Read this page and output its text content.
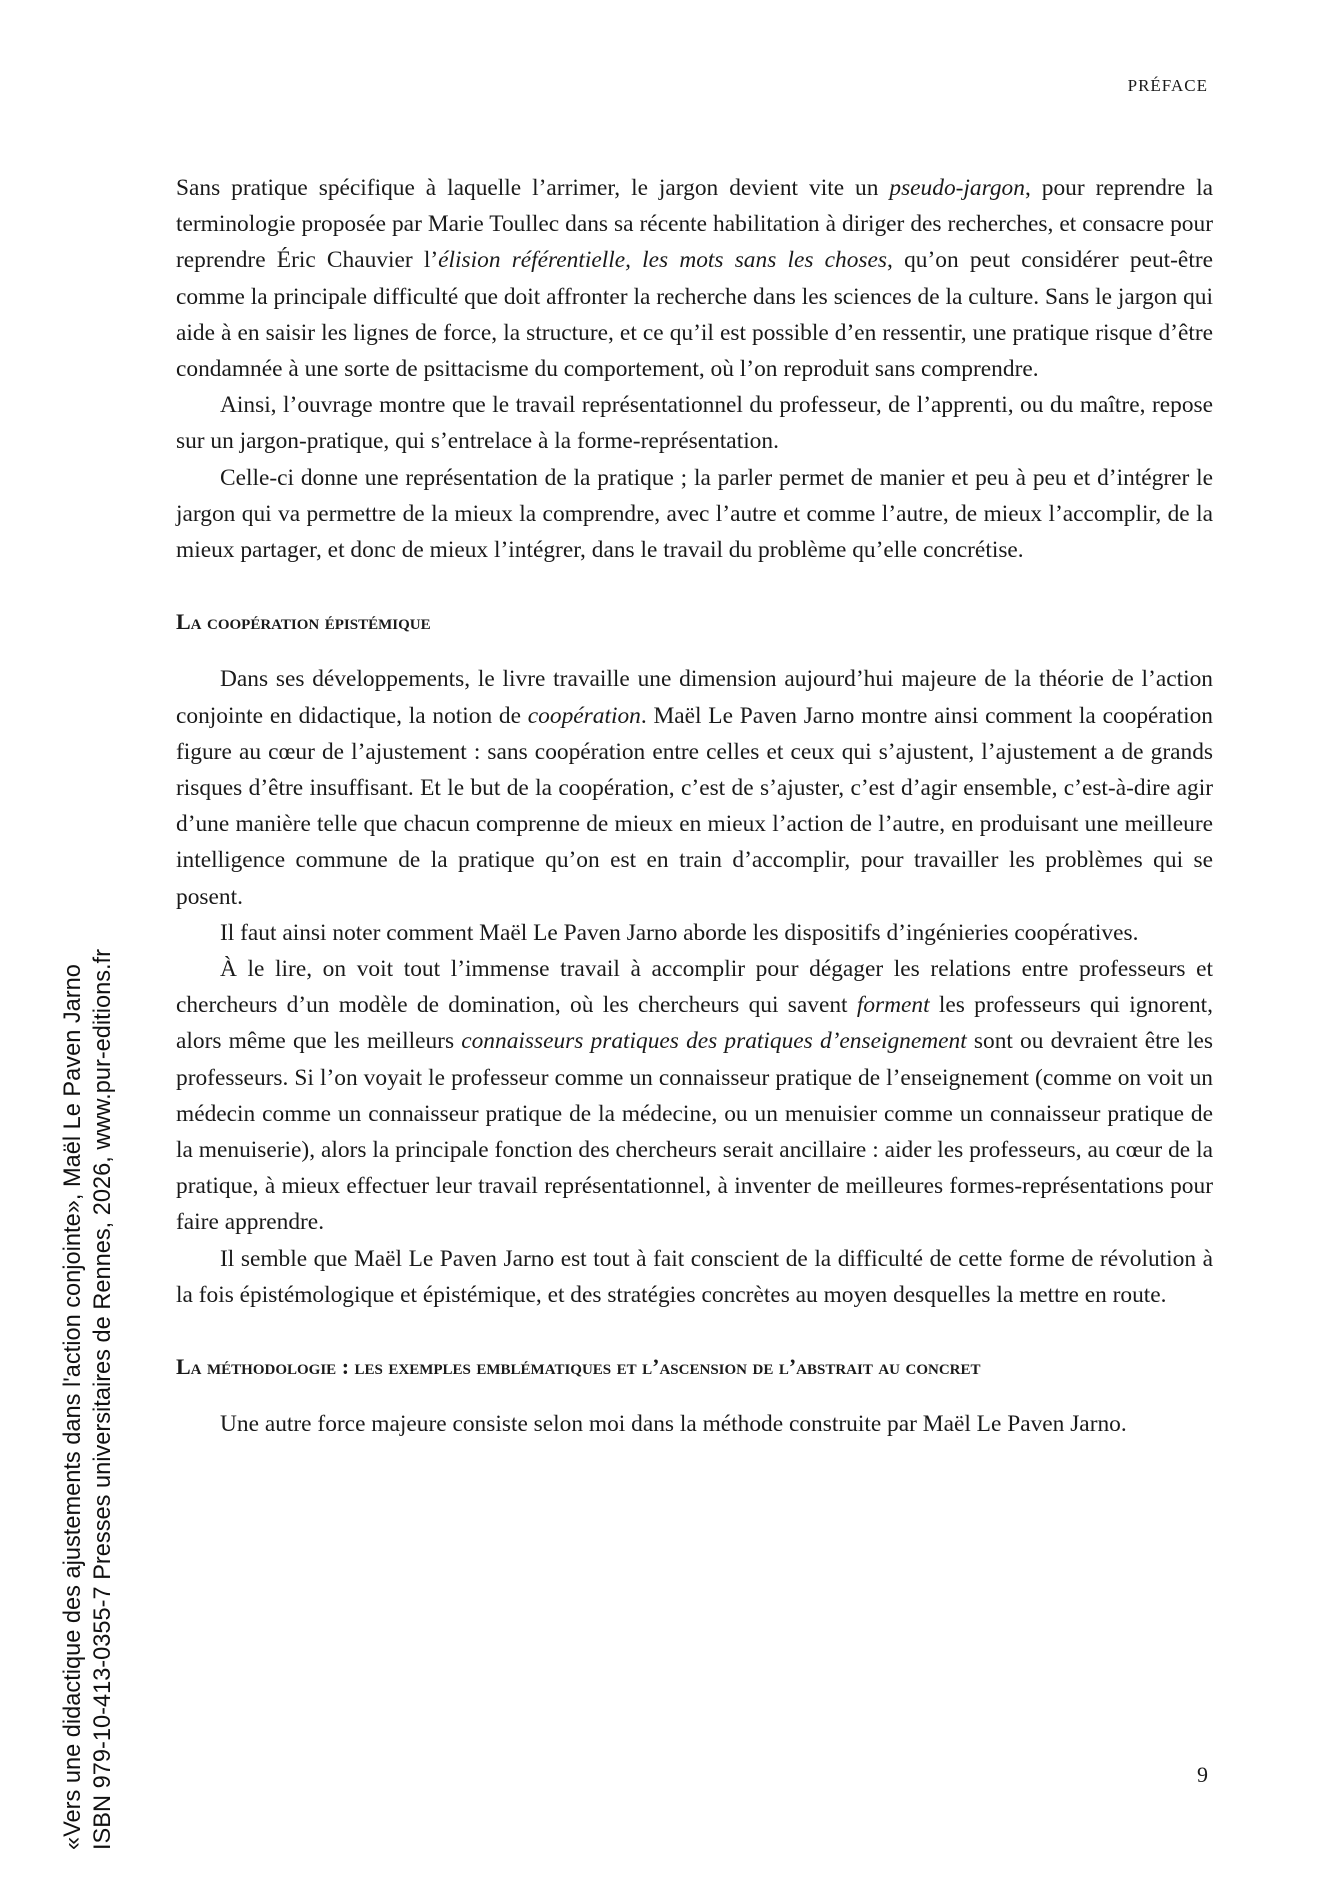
PRÉFACE

Sans pratique spécifique à laquelle l’arrimer, le jargon devient vite un pseudo-jargon, pour reprendre la terminologie proposée par Marie Toullec dans sa récente habilitation à diriger des recherches, et consacre pour reprendre Éric Chauvier l’élision référentielle, les mots sans les choses, qu’on peut considérer peut-être comme la principale difficulté que doit affronter la recherche dans les sciences de la culture. Sans le jargon qui aide à en saisir les lignes de force, la structure, et ce qu’il est possible d’en ressentir, une pratique risque d’être condamnée à une sorte de psittacisme du comportement, où l’on reproduit sans comprendre.

Ainsi, l’ouvrage montre que le travail représentationnel du professeur, de l’apprenti, ou du maître, repose sur un jargon-pratique, qui s’entrelace à la forme-représentation.

Celle-ci donne une représentation de la pratique ; la parler permet de manier et peu à peu et d’intégrer le jargon qui va permettre de la mieux la comprendre, avec l’autre et comme l’autre, de mieux l’accomplir, de la mieux partager, et donc de mieux l’intégrer, dans le travail du problème qu’elle concrétise.

La coopération épistémique

Dans ses développements, le livre travaille une dimension aujourd’hui majeure de la théorie de l’action conjointe en didactique, la notion de coopération. Maël Le Paven Jarno montre ainsi comment la coopération figure au cœur de l’ajustement : sans coopération entre celles et ceux qui s’ajustent, l’ajustement a de grands risques d’être insuffisant. Et le but de la coopération, c’est de s’ajuster, c’est d’agir ensemble, c’est-à-dire agir d’une manière telle que chacun comprenne de mieux en mieux l’action de l’autre, en produisant une meilleure intelligence commune de la pratique qu’on est en train d’accomplir, pour travailler les problèmes qui se posent.

Il faut ainsi noter comment Maël Le Paven Jarno aborde les dispositifs d’ingénieries coopératives.

À le lire, on voit tout l’immense travail à accomplir pour dégager les relations entre professeurs et chercheurs d’un modèle de domination, où les chercheurs qui savent forment les professeurs qui ignorent, alors même que les meilleurs connaisseurs pratiques des pratiques d’enseignement sont ou devraient être les professeurs. Si l’on voyait le professeur comme un connaisseur pratique de l’enseignement (comme on voit un médecin comme un connaisseur pratique de la médecine, ou un menuisier comme un connaisseur pratique de la menuiserie), alors la principale fonction des chercheurs serait ancillaire : aider les professeurs, au cœur de la pratique, à mieux effectuer leur travail représentationnel, à inventer de meilleures formes-représentations pour faire apprendre.

Il semble que Maël Le Paven Jarno est tout à fait conscient de la difficulté de cette forme de révolution à la fois épistémologique et épistémique, et des stratégies concrètes au moyen desquelles la mettre en route.

La méthodologie : les exemples emblématiques et l’ascension de l’abstrait au concret

Une autre force majeure consiste selon moi dans la méthode construite par Maël Le Paven Jarno.

9
«Vers une didactique des ajustements dans l'action conjointe», Maël Le Paven Jarno ISBN 979-10-413-0355-7 Presses universitaires de Rennes, 2026, www.pur-editions.fr
